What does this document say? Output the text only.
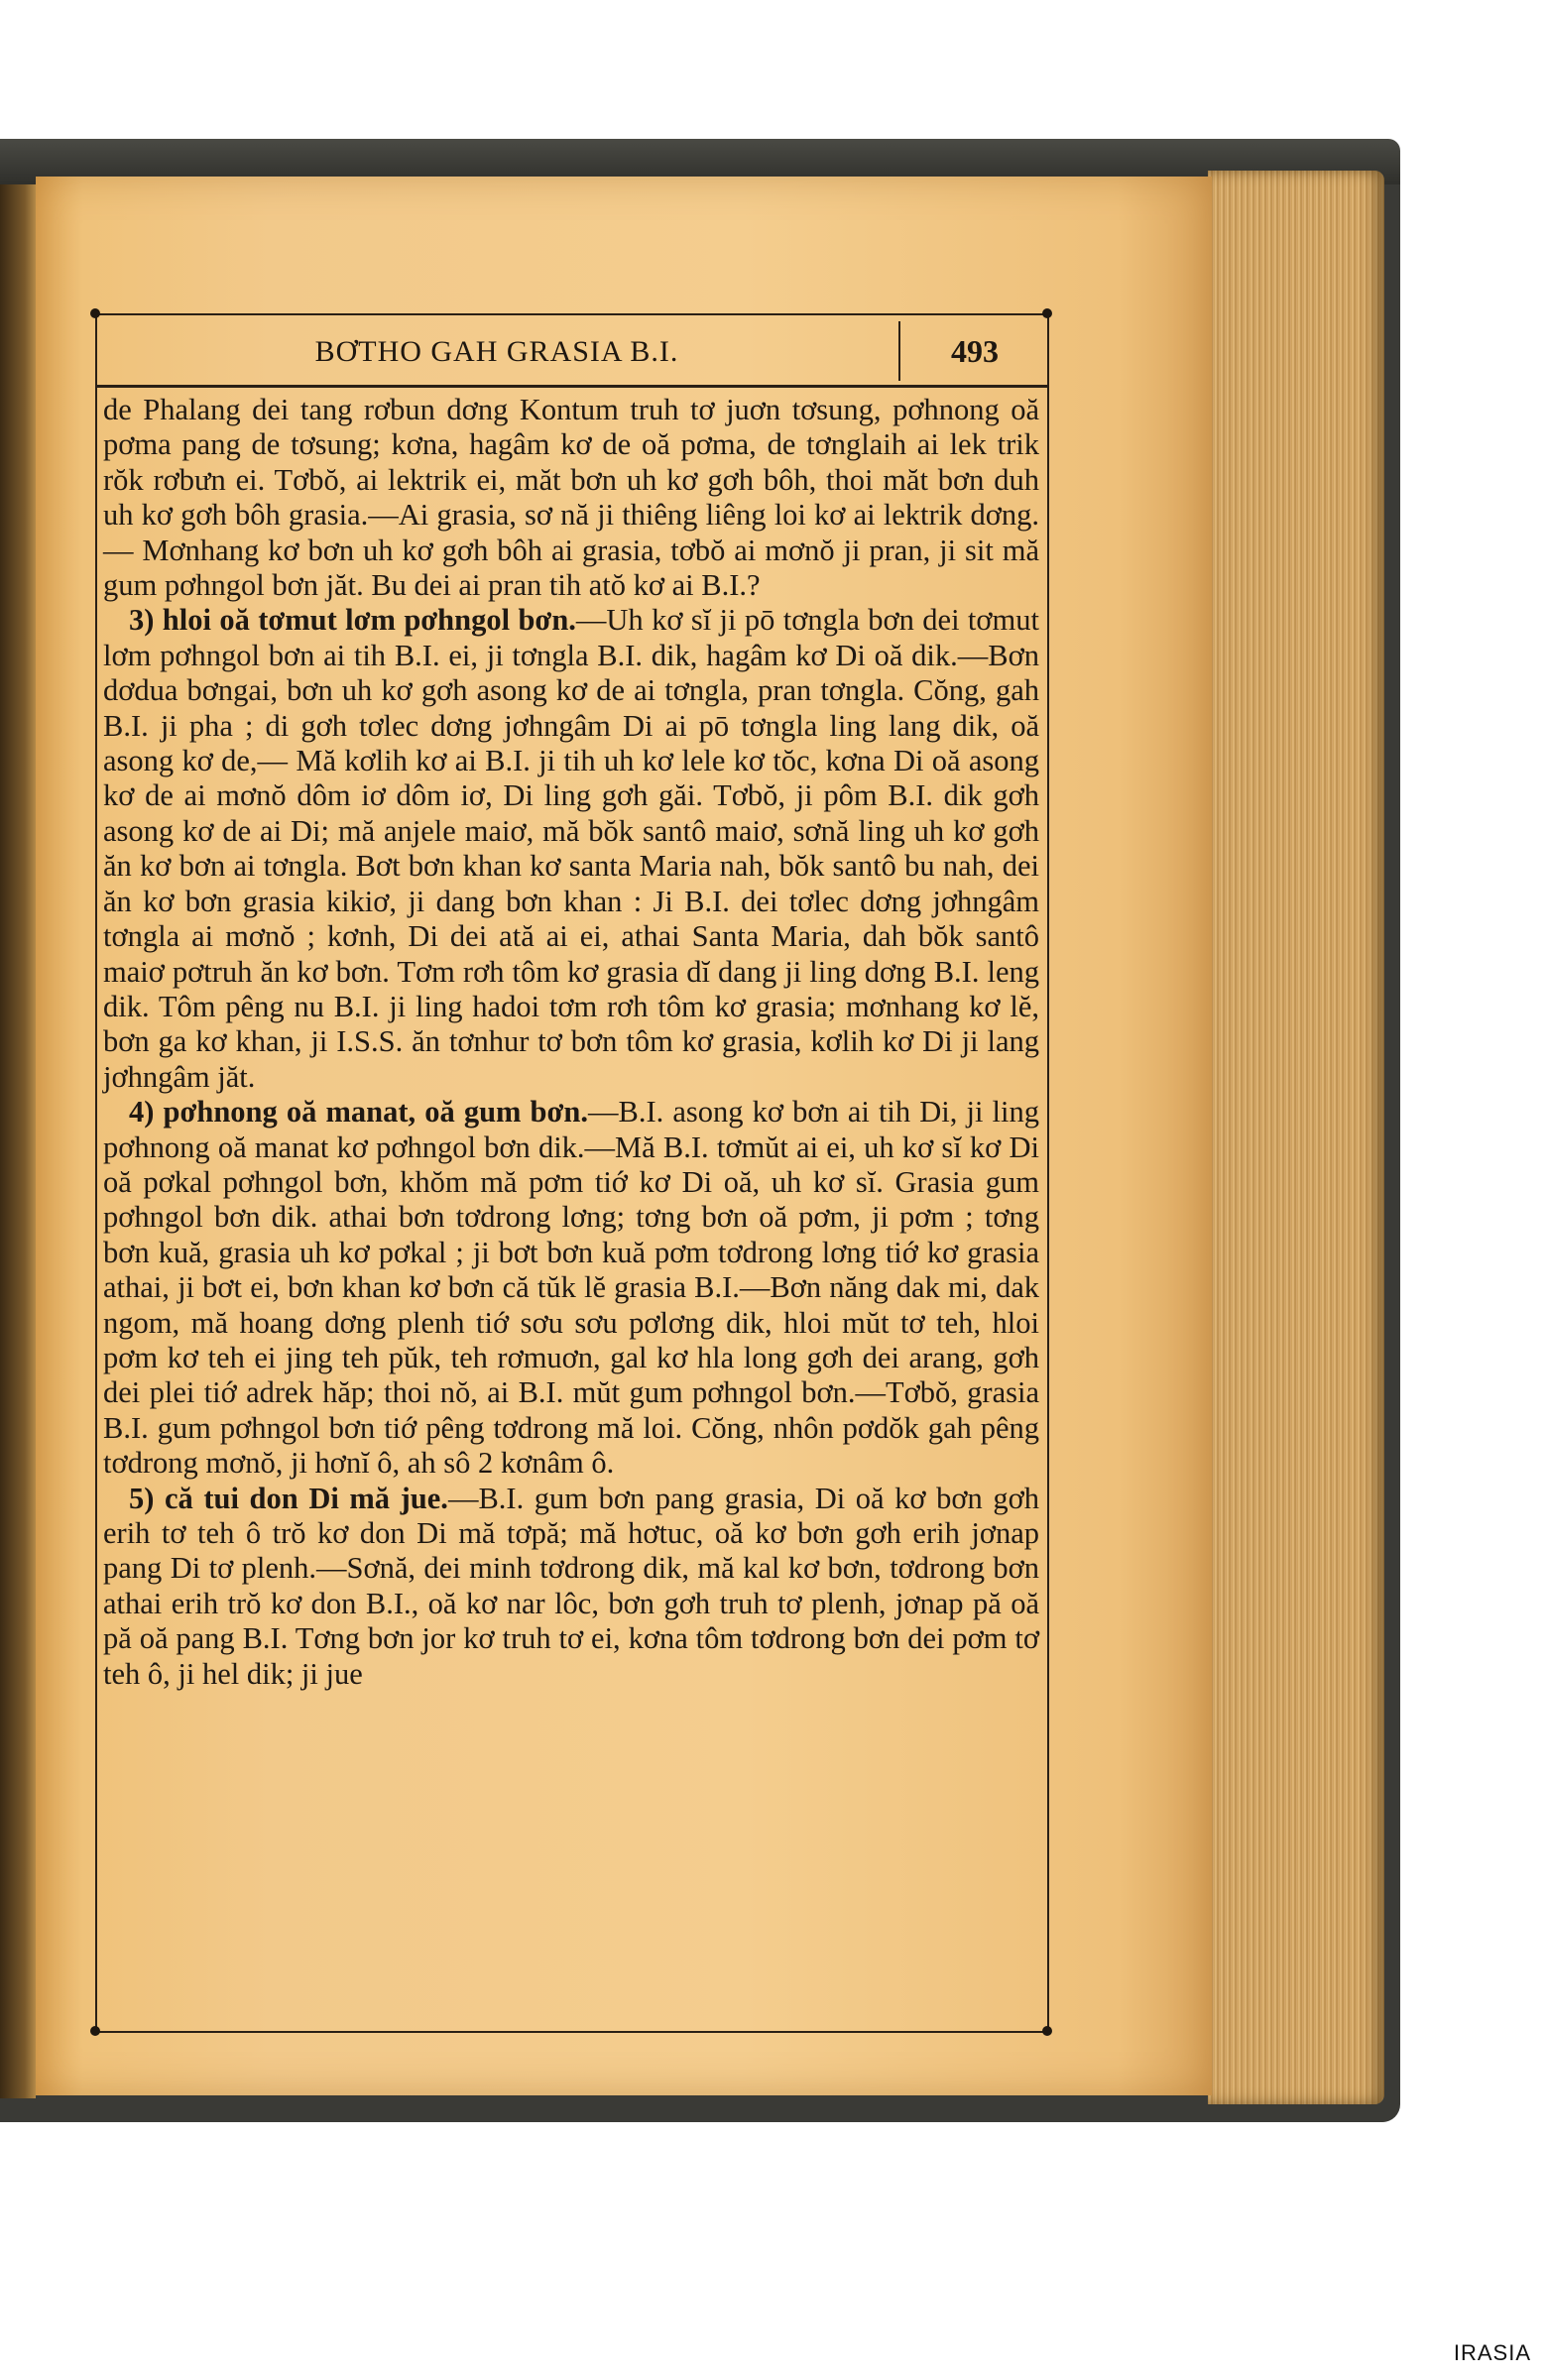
BƠTHO GAH GRASIA B.I.	493

de Phalang dei tang rơbun dơng Kontum truh tơ juơn tơsung, pơhnong oă pơma pang de tơsung; kơna, hagâm kơ de oă pơma, de tơnglaih ai lek trik rŏk rơbưn ei. Tơbŏ, ai lektrik ei, măt bơn uh kơ gơh bôh, thoi măt bơn duh uh kơ gơh bôh grasia.—Ai grasia, sơ nă ji thiêng liêng loi kơ ai lektrik dơng. — Mơnhang kơ bơn uh kơ gơh bôh ai grasia, tơbŏ ai mơnŏ ji pran, ji sit mă gum pơhngol bơn jăt. Bu dei ai pran tih atŏ kơ ai B.I.?

3) hloi oă tơmut lơm pơhngol bơn.—Uh kơ sĭ ji pō tơngla bơn dei tơmut lơm pơhngol bơn ai tih B.I. ei, ji tơngla B.I. dik, hagâm kơ Di oă dik.—Bơn dơdua bơngai, bơn uh kơ gơh asong kơ de ai tơngla, pran tơngla. Cŏng, gah B.I. ji pha ; di gơh tơlec dơng jơhngâm Di ai pō tơngla ling lang dik, oă asong kơ de,— Mă kơlih kơ ai B.I. ji tih uh kơ lele kơ tŏc, kơna Di oă asong kơ de ai mơnŏ dôm iơ dôm iơ, Di ling gơh găi. Tơbŏ, ji pôm B.I. dik gơh asong kơ de ai Di; mă anjele maiơ, mă bŏk santô maiơ, sơnă ling uh kơ gơh ăn kơ bơn ai tơngla. Bơt bơn khan kơ santa Maria nah, bŏk santô bu nah, dei ăn kơ bơn grasia kikiơ, ji dang bơn khan : Ji B.I. dei tơlec dơng jơhngâm tơngla ai mơnŏ ; kơnh, Di dei ată ai ei, athai Santa Maria, dah bŏk santô maiơ pơtruh ăn kơ bơn. Tơm rơh tôm kơ grasia dĭ dang ji ling dơng B.I. leng dik. Tôm pêng nu B.I. ji ling hadoi tơm rơh tôm kơ grasia; mơnhang kơ lĕ, bơn ga kơ khan, ji I.S.S. ăn tơnhur tơ bơn tôm kơ grasia, kơlih kơ Di ji lang jơhngâm jăt.

4) pơhnong oă manat, oă gum bơn.—B.I. asong kơ bơn ai tih Di, ji ling pơhnong oă manat kơ pơhngol bơn dik.—Mă B.I. tơmŭt ai ei, uh kơ sĭ kơ Di oă pơkal pơhngol bơn, khŏm mă pơm tiớ kơ Di oă, uh kơ sĭ. Grasia gum pơhngol bơn dik. athai bơn tơdrong lơng; tơng bơn oă pơm, ji pơm ; tơng bơn kuă, grasia uh kơ pơkal ; ji bơt bơn kuă pơm tơdrong lơng tiớ kơ grasia athai, ji bơt ei, bơn khan kơ bơn că tŭk lĕ grasia B.I.—Bơn năng dak mi, dak ngom, mă hoang dơng plenh tiớ sơu sơu pơlơng dik, hloi mŭt tơ teh, hloi pơm kơ teh ei jing teh pŭk, teh rơmuơn, gal kơ hla long gơh dei arang, gơh dei plei tiớ adrek hăp; thoi nŏ, ai B.I. mŭt gum pơhngol bơn.—Tơbŏ, grasia B.I. gum pơhngol bơn tiớ pêng tơdrong mă loi. Cŏng, nhôn pơdŏk gah pêng tơdrong mơnŏ, ji hơnĭ ô, ah sô 2 kơnâm ô.

5) că tui don Di mă jue.—B.I. gum bơn pang grasia, Di oă kơ bơn gơh erih tơ teh ô trŏ kơ don Di mă tơpă; mă hơtuc, oă kơ bơn gơh erih jơnap pang Di tơ plenh.—Sơnă, dei minh tơdrong dik, mă kal kơ bơn, tơdrong bơn athai erih trŏ kơ don B.I., oă kơ nar lôc, bơn gơh truh tơ plenh, jơnap pă oă pă oă pang B.I. Tơng bơn jor kơ truh tơ ei, kơna tôm tơdrong bơn dei pơm tơ teh ô, ji hel dik; ji jue

IRASIA
